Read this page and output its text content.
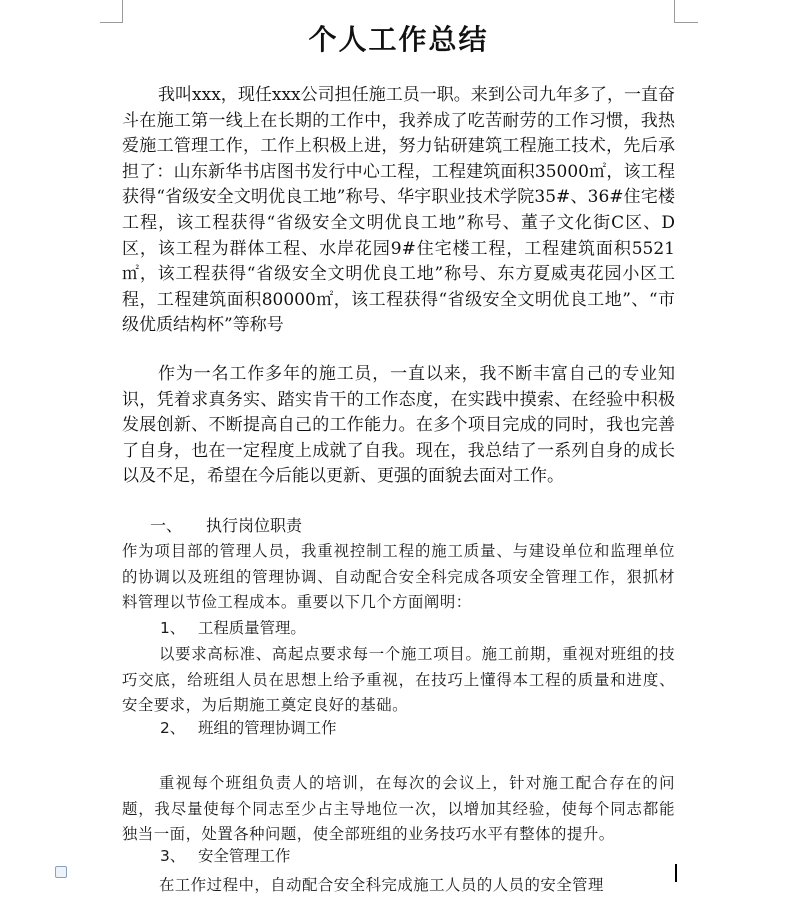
个人工作总结

我叫xxx，现任xxx公司担任施工员一职。来到公司九年多了，一直奋斗在施工第一线上在长期的工作中，我养成了吃苦耐劳的工作习惯，我热爱施工管理工作，工作上积极上进，努力钻研建筑工程施工技术，先后承担了：山东新华书店图书发行中心工程，工程建筑面积35000㎡，该工程获得“省级安全文明优良工地”称号、华宇职业技术学院35#、36#住宅楼工程，该工程获得“省级安全文明优良工地”称号、董子文化街C区、D区，该工程为群体工程、水岸花园9#住宅楼工程，工程建筑面积5521㎡，该工程获得“省级安全文明优良工地”称号、东方夏威夷花园小区工程，工程建筑面积80000㎡，该工程获得“省级安全文明优良工地”、“市级优质结构杯”等称号

作为一名工作多年的施工员，一直以来，我不断丰富自己的专业知识，凭着求真务实、踏实肯干的工作态度，在实践中摸索、在经验中积极发展创新、不断提高自己的工作能力。在多个项目完成的同时，我也完善了自身，也在一定程度上成就了自我。现在，我总结了一系列自身的成长以及不足，希望在今后能以更新、更强的面貌去面对工作。

一、 执行岗位职责

作为项目部的管理人员，我重视控制工程的施工质量、与建设单位和监理单位的协调以及班组的管理协调、自动配合安全科完成各项安全管理工作，狠抓材料管理以节俭工程成本。重要以下几个方面阐明：

1、 工程质量管理。

以要求高标准、高起点要求每一个施工项目。施工前期，重视对班组的技巧交底，给班组人员在思想上给予重视，在技巧上懂得本工程的质量和进度、安全要求，为后期施工奠定良好的基础。

2、 班组的管理协调工作

重视每个班组负责人的培训，在每次的会议上，针对施工配合存在的问题，我尽量使每个同志至少占主导地位一次，以增加其经验，使每个同志都能独当一面，处置各种问题，使全部班组的业务技巧水平有整体的提升。

3、 安全管理工作

在工作过程中，自动配合安全科完成施工人员的人员的安全管理
